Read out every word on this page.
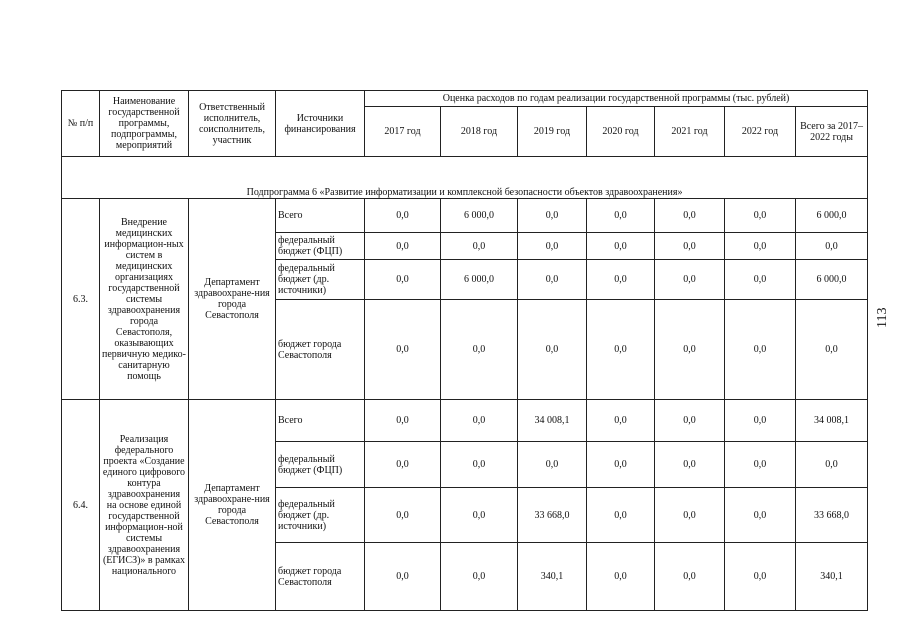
113
№ п/п	Наименование государственной программы, подпрограммы, мероприятий	Ответственный исполнитель, соисполнитель, участник	Источники финансирования	Оценка расходов по годам реализации государственной программы (тыс. рублей)						
				2017 год	2018 год	2019 год	2020 год	2021 год	2022 год	Всего за 2017–2022 годы
Подпрограмма 6 «Развитие информатизации и комплексной безопасности объектов здравоохранения»										
6.3.	Внедрение медицинских информацион-ных систем в медицинских организациях государственной системы здравоохранения города Севастополя, оказывающих первичную медико-санитарную помощь	Департамент здравоохране-ния города Севастополя	Всего	0,0	6 000,0	0,0	0,0	0,0	0,0	6 000,0
			федеральный бюджет (ФЦП)	0,0	0,0	0,0	0,0	0,0	0,0	0,0
			федеральный бюджет (др. источники)	0,0	6 000,0	0,0	0,0	0,0	0,0	6 000,0
			бюджет города Севастополя	0,0	0,0	0,0	0,0	0,0	0,0	0,0
6.4.	Реализация федерального проекта «Создание единого цифрового контура здравоохранения на основе единой государственной информацион-ной системы здравоохранения (ЕГИСЗ)» в рамках национального	Департамент здравоохране-ния города Севастополя	Всего	0,0	0,0	34 008,1	0,0	0,0	0,0	34 008,1
			федеральный бюджет (ФЦП)	0,0	0,0	0,0	0,0	0,0	0,0	0,0
			федеральный бюджет (др. источники)	0,0	0,0	33 668,0	0,0	0,0	0,0	33 668,0
			бюджет города Севастополя	0,0	0,0	340,1	0,0	0,0	0,0	340,1
